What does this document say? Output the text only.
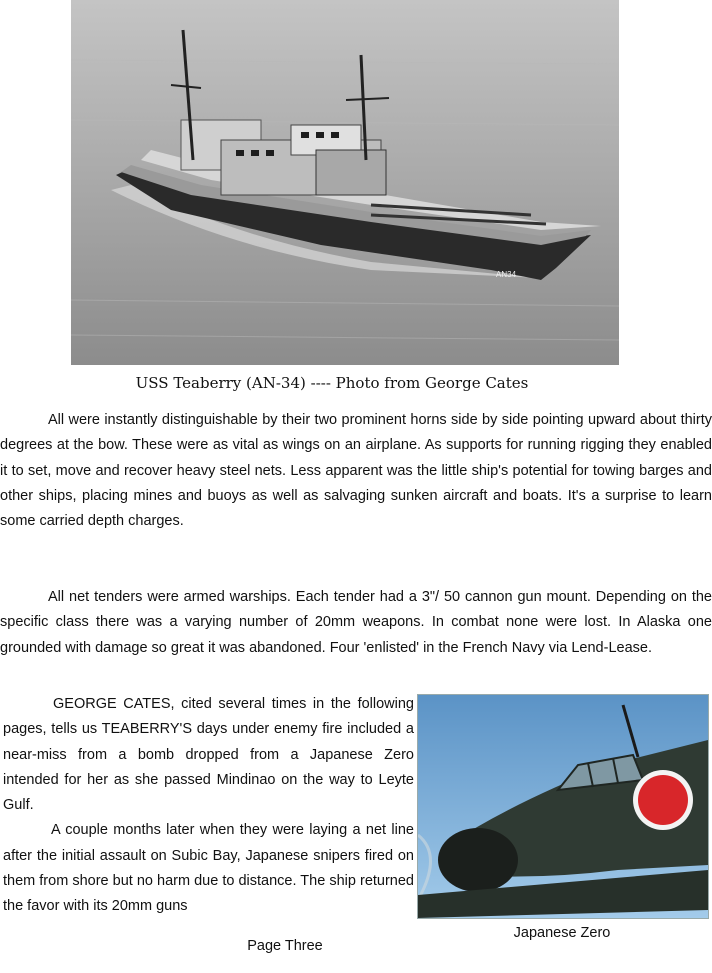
AN34
USS Teaberry (AN-34) ---- Photo from George Cates

All were instantly distinguishable by their two prominent horns side by side pointing upward about thirty degrees at the bow. These were as vital as wings on an airplane. As supports for running rigging they enabled it to set, move and recover heavy steel nets. Less apparent was the little ship's potential for towing barges and other ships, placing mines and buoys as well as salvaging sunken aircraft and boats. It's a surprise to learn some carried depth charges.

All net tenders were armed warships. Each tender had a 3"/ 50 cannon gun mount. Depending on the specific class there was a varying number of 20mm weapons. In combat none were lost. In Alaska one grounded with damage so great it was abandoned. Four 'enlisted' in the French Navy via Lend-Lease.

GEORGE CATES, cited several times in the following pages, tells us TEABERRY'S days under enemy fire included a near-miss from a bomb dropped from a Japanese Zero intended for her as she passed Mindinao on the way to Leyte Gulf.

A couple months later when they were laying a net line after the initial assault on Subic Bay, Japanese snipers fired on them from shore but no harm due to distance. The ship returned the favor with its 20mm guns

Japanese Zero
Page Three
